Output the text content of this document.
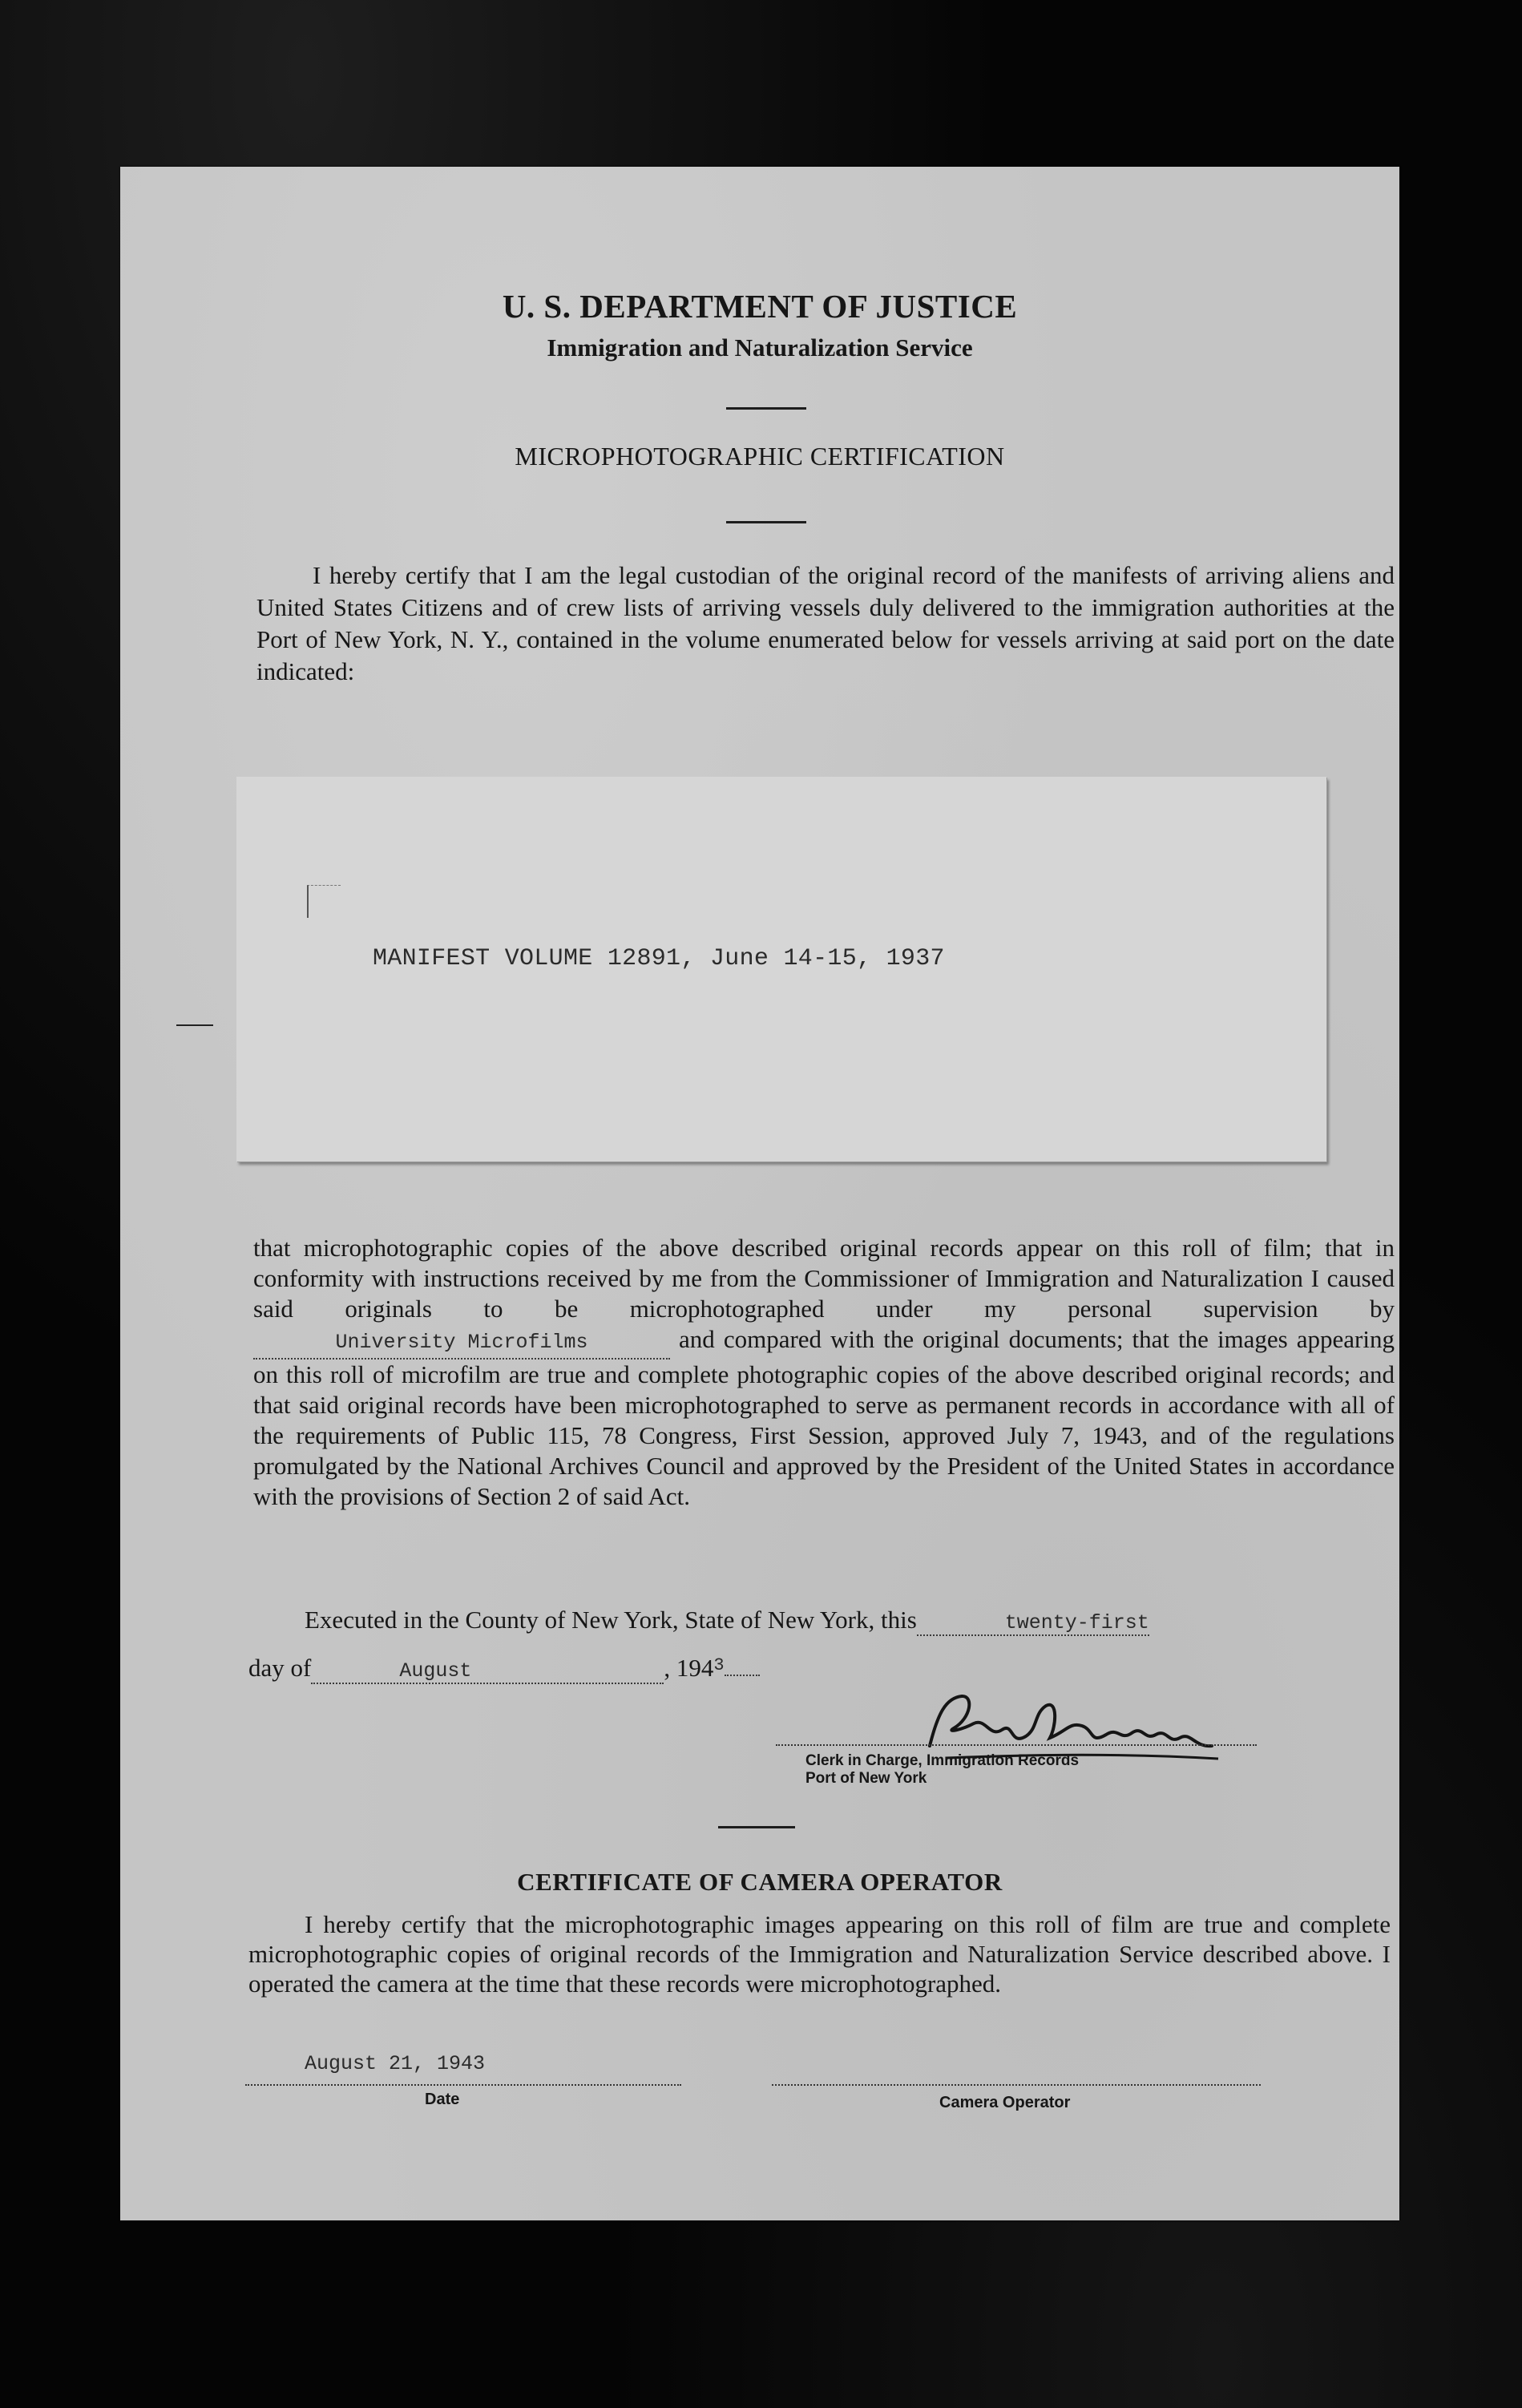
U. S. DEPARTMENT OF JUSTICE
Immigration and Naturalization Service
MICROPHOTOGRAPHIC CERTIFICATION
I hereby certify that I am the legal custodian of the original record of the manifests of arriving aliens and United States Citizens and of crew lists of arriving vessels duly delivered to the immigration authorities at the Port of New York, N. Y., contained in the volume enumerated below for vessels arriving at said port on the date indicated:
MANIFEST VOLUME 12891, June 14-15, 1937
that microphotographic copies of the above described original records appear on this roll of film; that in conformity with instructions received by me from the Commissioner of Immigration and Naturalization I caused said originals to be microphotographed under my personal supervision by University Microfilms	and compared with the original documents; that the images appearing on this roll of microfilm are true and complete photographic copies of the above described original records; and that said original records have been microphotographed to serve as permanent records in accordance with all of the requirements of Public 115, 78 Congress, First Session, approved July 7, 1943, and of the regulations promulgated by the National Archives Council and approved by the President of the United States in accordance with the provisions of Section 2 of said Act.
Executed in the County of New York, State of New York, this	twenty-first
day of	August	, $194^3$
Clerk in Charge, Immigration Records
Port of New York
CERTIFICATE OF CAMERA OPERATOR
I hereby certify that the microphotographic images appearing on this roll of film are true and complete microphotographic copies of original records of the Immigration and Naturalization Service described above. I operated the camera at the time that these records were microphotographed.
August 21, 1943
Date	Camera Operator
